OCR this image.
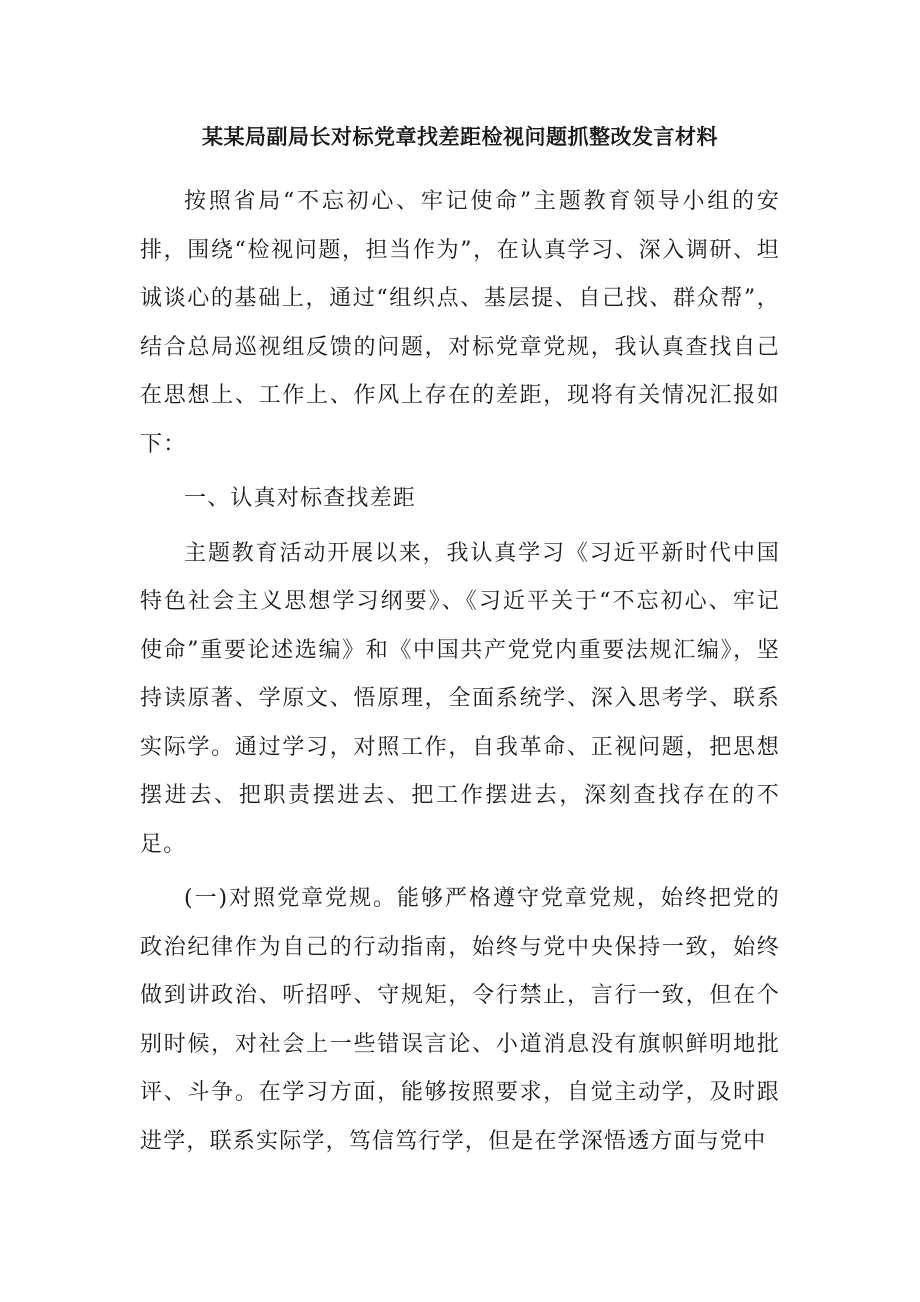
某某局副局长对标党章找差距检视问题抓整改发言材料

按照省局“不忘初心、牢记使命”主题教育领导小组的安排，围绕“检视问题，担当作为”，在认真学习、深入调研、坦诚谈心的基础上，通过“组织点、基层提、自己找、群众帮”，结合总局巡视组反馈的问题，对标党章党规，我认真查找自己在思想上、工作上、作风上存在的差距，现将有关情况汇报如下：

一、认真对标查找差距

主题教育活动开展以来，我认真学习《习近平新时代中国特色社会主义思想学习纲要》、《习近平关于“不忘初心、牢记使命”重要论述选编》和《中国共产党党内重要法规汇编》，坚持读原著、学原文、悟原理，全面系统学、深入思考学、联系实际学。通过学习，对照工作，自我革命、正视问题，把思想摆进去、把职责摆进去、把工作摆进去，深刻查找存在的不足。

(一)对照党章党规。能够严格遵守党章党规，始终把党的政治纪律作为自己的行动指南，始终与党中央保持一致，始终做到讲政治、听招呼、守规矩，令行禁止，言行一致，但在个别时候，对社会上一些错误言论、小道消息没有旗帜鲜明地批评、斗争。在学习方面，能够按照要求，自觉主动学，及时跟进学，联系实际学，笃信笃行学，但是在学深悟透方面与党中
